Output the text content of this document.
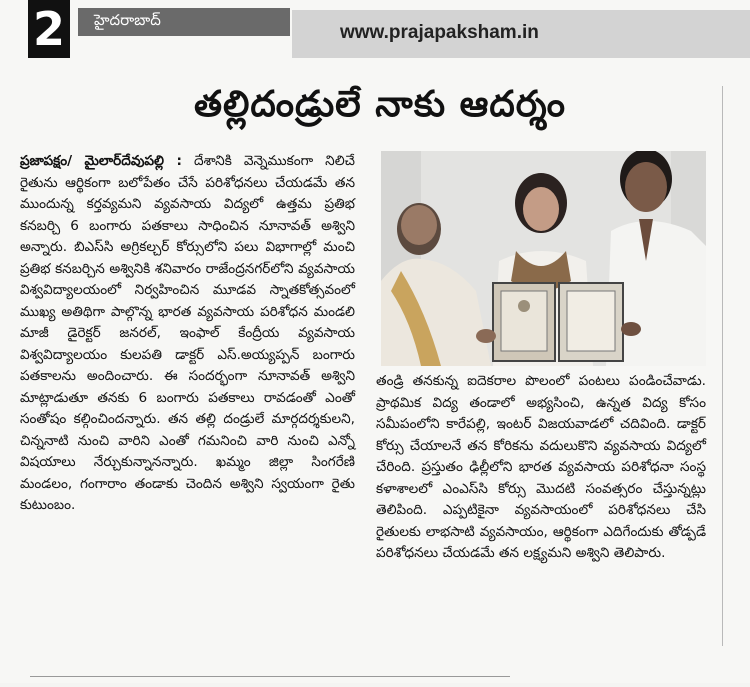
2	హైదరాబాద్
www.prajapaksham.in
తల్లిదండ్రులే నాకు ఆదర్శం
ప్రజాపక్షం/ మైలార్‌దేవుపల్లి : దేశానికి వెన్నెముకంగా నిలిచే రైతును ఆర్థికంగా బలోపేతం చేసే పరిశోధనలు చేయడమే తన ముందున్న కర్తవ్యమని వ్యవసాయ విద్యలో ఉత్తమ ప్రతిభ కనబర్చి 6 బంగారు పతకాలు సాధించిన నూనావత్ అశ్విని అన్నారు. బిఎస్‌సి అగ్రికల్చర్ కోర్సులోని పలు విభాగాల్లో మంచి ప్రతిభ కనబర్చిన అశ్వినికి శనివారం రాజేంద్రనగర్‌లోని వ్యవసాయ విశ్వవిద్యాలయంలో నిర్వహించిన మూడవ స్నాతకోత్సవంలో ముఖ్య అతిథిగా పాల్గొన్న భారత వ్యవసాయ పరిశోధన మండలి మాజీ డైరెక్టర్ జనరల్, ఇంఫాల్ కేంద్రీయ వ్యవసాయ విశ్వవిద్యాలయం కులపతి డాక్టర్ ఎస్.అయ్యప్పన్ బంగారు పతకాలను అందించారు. ఈ సందర్భంగా నూనావత్ అశ్విని మాట్లాడుతూ తనకు 6 బంగారు పతకాలు రావడంతో ఎంతో సంతోషం కల్గించిందన్నారు. తన తల్లి దండ్రులే మార్గదర్శకులని, చిన్ననాటి నుంచి వారిని ఎంతో గమనించి వారి నుంచి ఎన్నో విషయాలు నేర్చుకున్నానన్నారు. ఖమ్మం జిల్లా సింగరేణి మండలం, గంగారాం తండాకు చెందిన అశ్విని స్వయంగా రైతు కుటుంబం.
తండ్రి తనకున్న ఐదెకరాల పొలంలో పంటలు పండించేవాడు. ప్రాథమిక విద్య తండాలో అభ్యసించి, ఉన్నత విద్య కోసం సమీపంలోని కారేపల్లి, ఇంటర్ విజయవాడలో చదివింది. డాక్టర్ కోర్సు చేయాలనే తన కోరికను వదులుకొని వ్యవసాయ విద్యలో చేరింది. ప్రస్తుతం ఢిల్లీలోని భారత వ్యవసాయ పరిశోధనా సంస్థ కళాశాలలో ఎంఎస్‌సి కోర్సు మొదటి సంవత్సరం చేస్తున్నట్లు తెలిపింది. ఎప్పటికైనా వ్యవసాయంలో పరిశోధనలు చేసి రైతులకు లాభసాటి వ్యవసాయం, ఆర్థికంగా ఎదిగేందుకు తోడ్పడే పరిశోధనలు చేయడమే తన లక్ష్యమని అశ్విని తెలిపారు.
